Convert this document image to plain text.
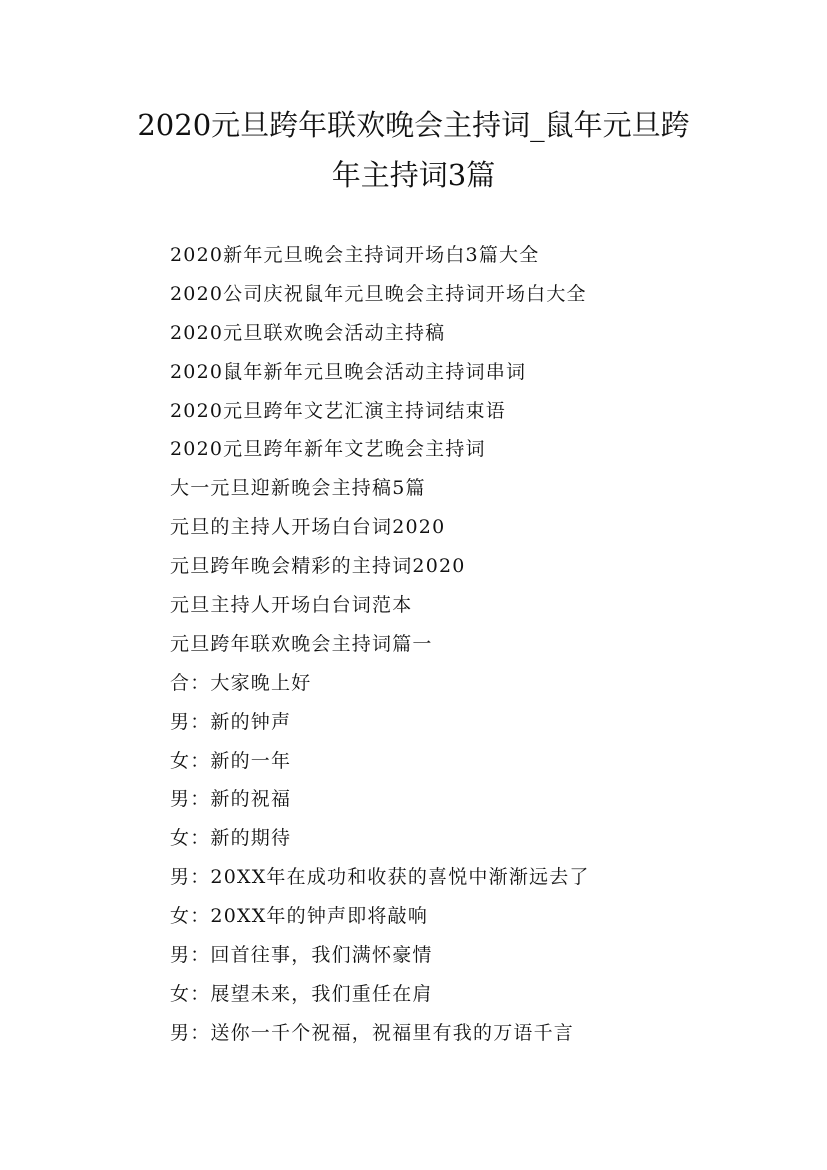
2020元旦跨年联欢晚会主持词_鼠年元旦跨
年主持词3篇
2020新年元旦晚会主持词开场白3篇大全
2020公司庆祝鼠年元旦晚会主持词开场白大全
2020元旦联欢晚会活动主持稿
2020鼠年新年元旦晚会活动主持词串词
2020元旦跨年文艺汇演主持词结束语
2020元旦跨年新年文艺晚会主持词
大一元旦迎新晚会主持稿5篇
元旦的主持人开场白台词2020
元旦跨年晚会精彩的主持词2020
元旦主持人开场白台词范本
元旦跨年联欢晚会主持词篇一
合：大家晚上好
男：新的钟声
女：新的一年
男：新的祝福
女：新的期待
男：20XX年在成功和收获的喜悦中渐渐远去了
女：20XX年的钟声即将敲响
男：回首往事，我们满怀豪情
女：展望未来，我们重任在肩
男：送你一千个祝福，祝福里有我的万语千言
